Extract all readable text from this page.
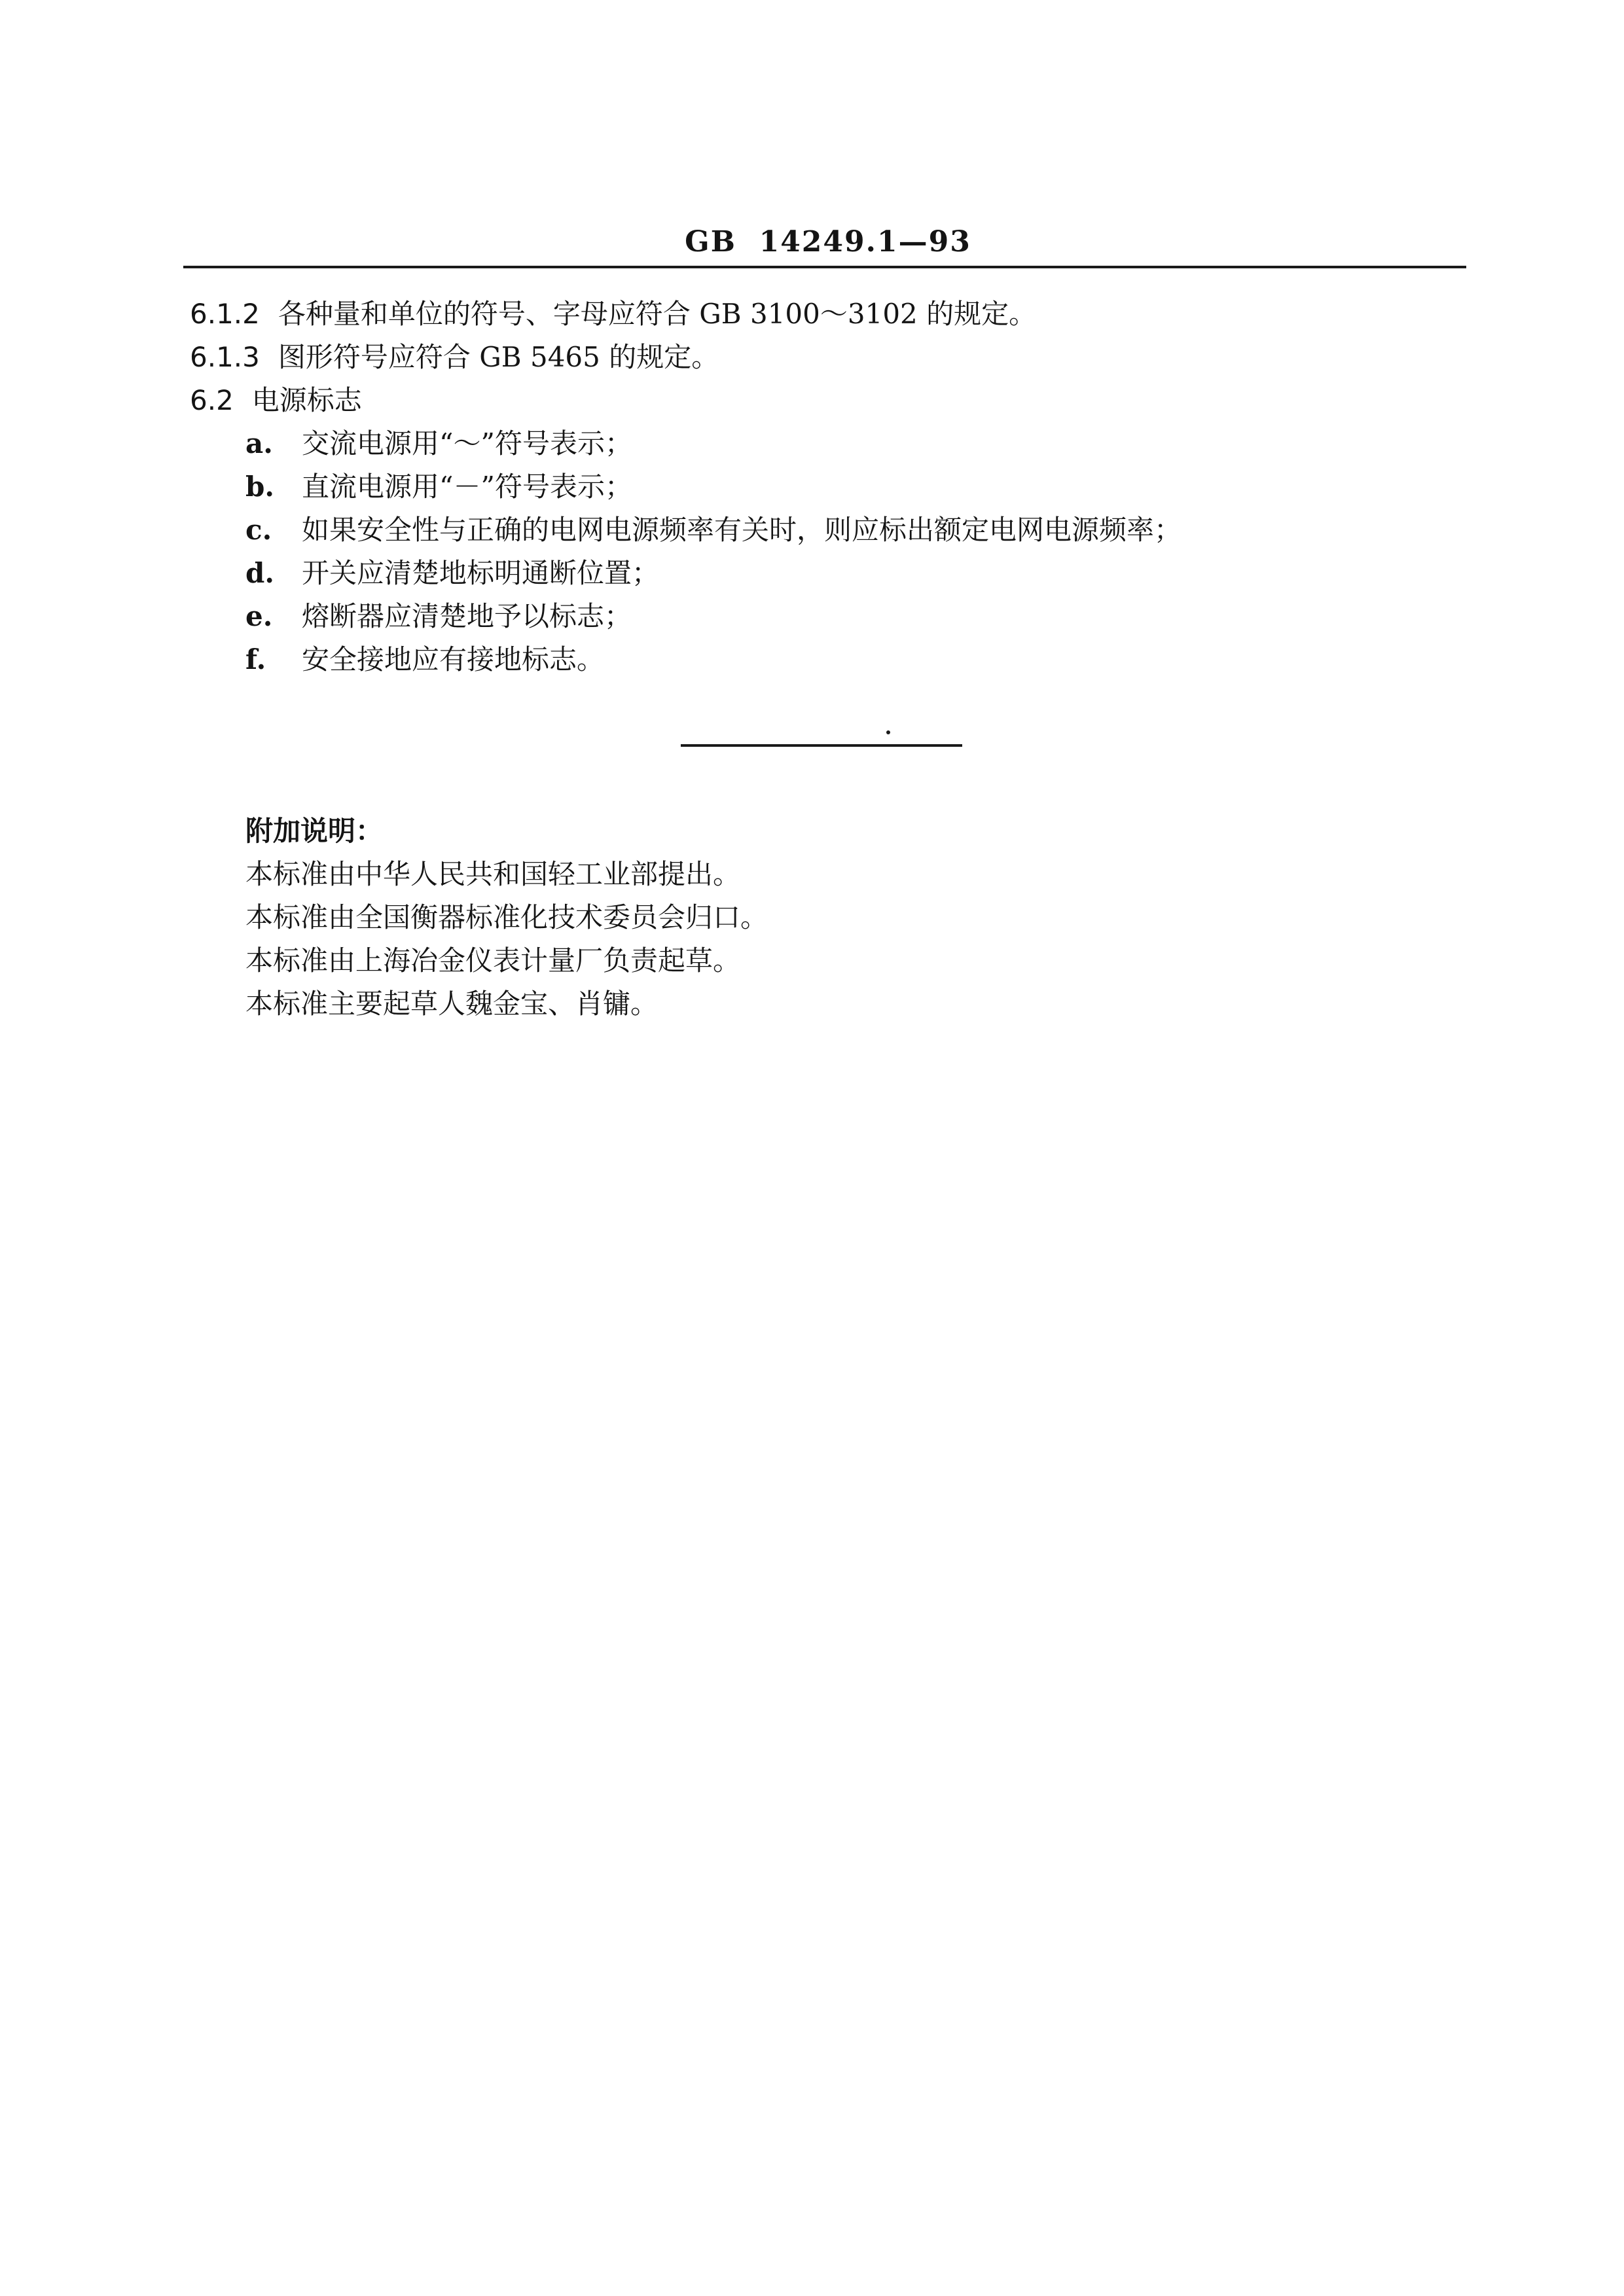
GB 14249.1—93
6.1.2 各种量和单位的符号、字母应符合 GB 3100～3102 的规定。
6.1.3 图形符号应符合 GB 5465 的规定。
6.2 电源标志
a. 交流电源用“～”符号表示；
b. 直流电源用“－”符号表示；
c. 如果安全性与正确的电网电源频率有关时，则应标出额定电网电源频率；
d. 开关应清楚地标明通断位置；
e. 熔断器应清楚地予以标志；
f. 安全接地应有接地标志。
附加说明：
本标准由中华人民共和国轻工业部提出。
本标准由全国衡器标准化技术委员会归口。
本标准由上海冶金仪表计量厂负责起草。
本标准主要起草人魏金宝、肖镛。
